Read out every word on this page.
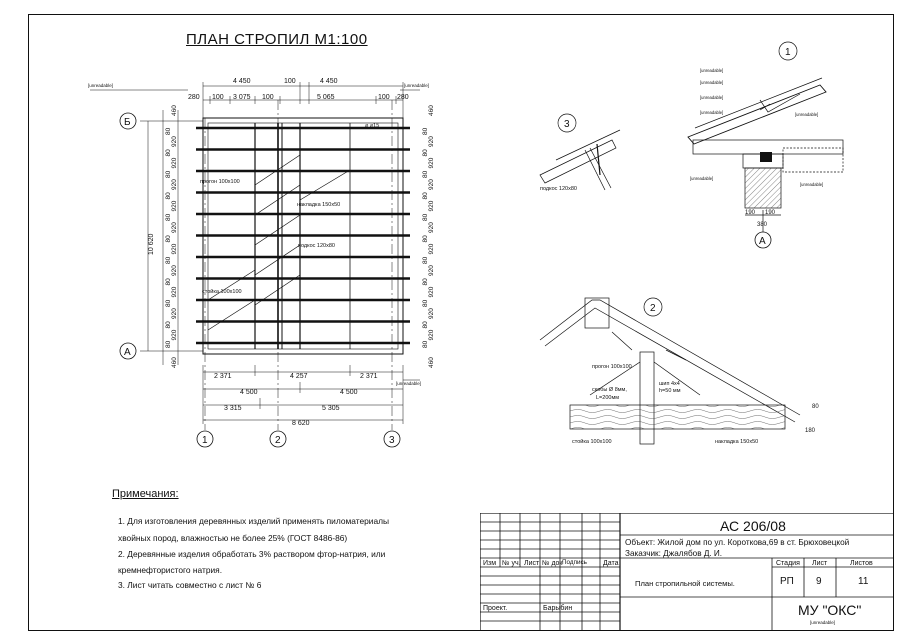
ПЛАН СТРОПИЛ М1:100
4 450	100	4 450
280 100 3 075 100	5 065	100 280
[unreadable]	[unreadable]
460
80
920
80
920
80
920
80
920
80
920
80
920
80
920
80
920
80
920
80
920
80
460
460
80
920
80
920
80
920
80
920
80
920
80
920
80
920
80
920
80
920
80
920
80
460
10 620
Б
А
1	2	3
2 371	4 257	2 371
4 500	4 500
3 315	5 305
8 620
[unreadable]
прогон 100х100
накладка 150х50
подкос 120х80
стойка 100х100
⌀ ⌀15	3
подкос 120х80
1
А
190 190
380
[unreadable]
[unreadable]
[unreadable]
[unreadable]	[unreadable]
[unreadable]
[unreadable]
2
прогон 100х100
скобы Ø 8мм,
L=200мм
шип 4х4
h=50 мм
стойка 100х100	накладка 150х50
80
180
Примечания:
1. Для изготовления деревянных изделий применять пиломатериалы
хвойных пород, влажностью не более 25% (ГОСТ 8486-86)
2. Деревянные изделия обработать 3% раствором фтор-натрия, или
кремнефтористого натрия.
3. Лист читать совместно с лист № 6
АС 206/08
Объект: Жилой дом по ул. Короткова,69 в ст. Брюховецкой
Заказчик: Джалябов Д. И.
Изм № уч. Лист № док Подпись Дата
План стропильной системы.
Стадия Лист	Листов
РП 9	11
Проект.	Барыбин	МУ "ОКС"
[unreadable]
